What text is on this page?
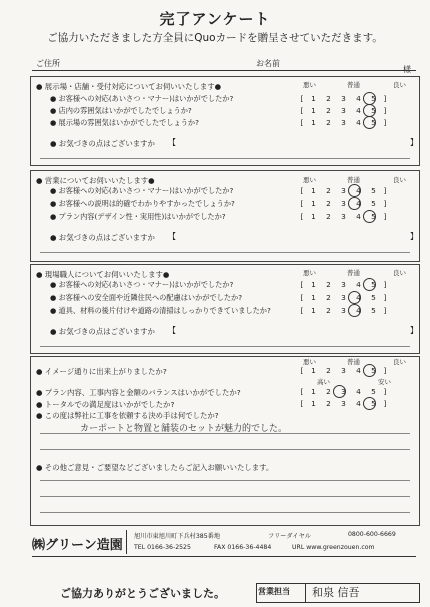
完了アンケート
ご協力いただきました方全員にQuoカードを贈呈させていただきます。
ご住所	お名前
様
● 展示場・店舗・受付対応についてお伺いいたします●	悪い	普通	良い
● お客様への対応(あいさつ・マナー)はいかがでしたか?	[ 1 2 3 4 5 ]
● 店内の雰囲気はいかがでしたでしょうか?	[ 1 2 3 4 5 ]
● 展示場の雰囲気はいかがでしたでしょうか?	[ 1 2 3 4 5 ]
● お気づきの点はございますか 【	】
● 営業についてお伺いいたします●	悪い	普通	良い
● お客様への対応(あいさつ・マナー)はいかがでしたか?	[ 1 2 3 4 5 ]
● お客様への説明は的確でわかりやすかったでしょうか?	[ 1 2 3 4 5 ]
● プラン内容(デザイン性・実用性)はいかがでしたか?	[ 1 2 3 4 5 ]
● お気づきの点はございますか 【	】
● 現場職人についてお伺いいたします●	悪い	普通	良い
● お客様への対応(あいさつ・マナー)はいかがでしたか?	[ 1 2 3 4 5 ]
● お客様への安全面や近隣住民への配慮はいかがでしたか?	[ 1 2 3 4 5 ]
● 道具、材料の後片付けや道路の清掃はしっかりできていましたか?	[ 1 2 3 4 5 ]
● お気づきの点はございますか 【	】
悪い	普通	良い
● イメージ通りに出来上がりましたか?	[ 1 2 3 4 5 ]
高い	安い
● プラン内容、工事内容と金額のバランスはいかがでしたか?	[ 1 2 3 4 5 ]
● トータルでの満足度はいかがでしたか?	[ 1 2 3 4 5 ]
● この度は弊社に工事を依頼する決め手は何でしたか?
カーポートと物置と舗装のセットが魅力的でした。
● その他ご意見・ご要望などございましたらご記入お願いいたします。
㈱グリーン造園
旭川市東旭川町下兵村385番地	フリーダイヤル	0800-600-6669
TEL 0166-36-2525	FAX 0166-36-4484	URL www.greenzouen.com
ご協力ありがとうございました。	営業担当 和泉 信吾
